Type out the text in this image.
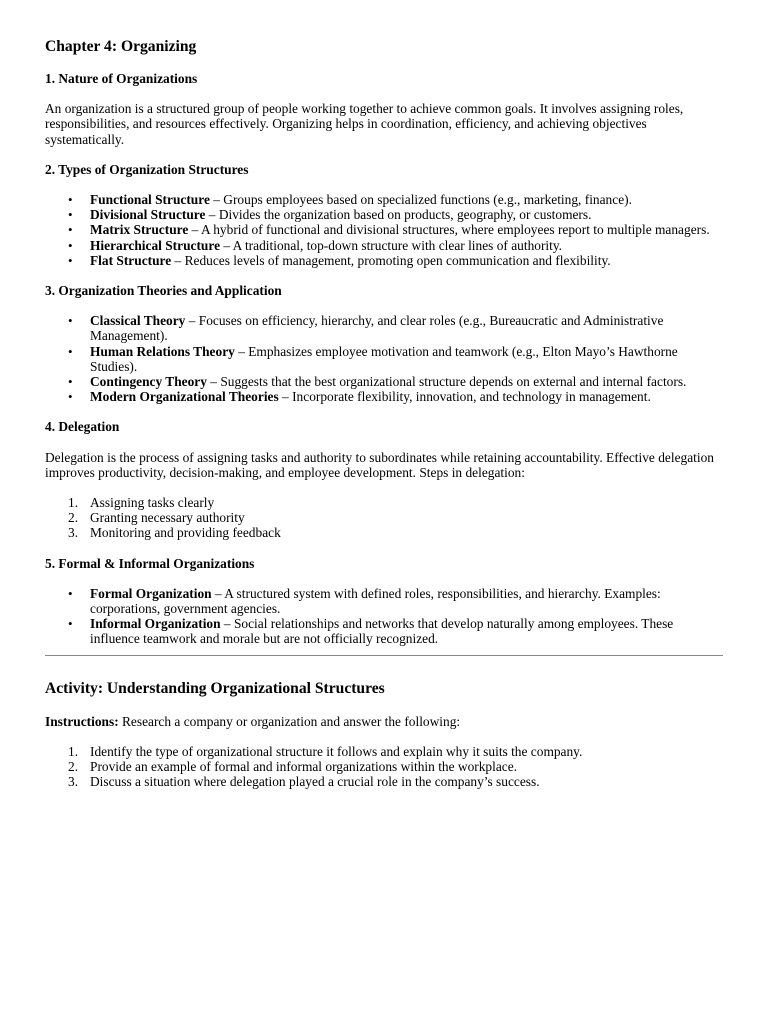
Chapter 4: Organizing
1. Nature of Organizations

An organization is a structured group of people working together to achieve common goals. It involves assigning roles, responsibilities, and resources effectively. Organizing helps in coordination, efficiency, and achieving objectives systematically.

2. Types of Organization Structures
• Functional Structure – Groups employees based on specialized functions (e.g., marketing, finance).
• Divisional Structure – Divides the organization based on products, geography, or customers.
• Matrix Structure – A hybrid of functional and divisional structures, where employees report to multiple managers.
• Hierarchical Structure – A traditional, top-down structure with clear lines of authority.
• Flat Structure – Reduces levels of management, promoting open communication and flexibility.
3. Organization Theories and Application
• Classical Theory – Focuses on efficiency, hierarchy, and clear roles (e.g., Bureaucratic and Administrative Management).
• Human Relations Theory – Emphasizes employee motivation and teamwork (e.g., Elton Mayo’s Hawthorne Studies).
• Contingency Theory – Suggests that the best organizational structure depends on external and internal factors.
• Modern Organizational Theories – Incorporate flexibility, innovation, and technology in management.
4. Delegation

Delegation is the process of assigning tasks and authority to subordinates while retaining accountability. Effective delegation improves productivity, decision-making, and employee development. Steps in delegation:

1. Assigning tasks clearly
2. Granting necessary authority
3. Monitoring and providing feedback
5. Formal & Informal Organizations
• Formal Organization – A structured system with defined roles, responsibilities, and hierarchy. Examples: corporations, government agencies.
• Informal Organization – Social relationships and networks that develop naturally among employees. These influence teamwork and morale but are not officially recognized.
Activity: Understanding Organizational Structures

Instructions: Research a company or organization and answer the following:

1. Identify the type of organizational structure it follows and explain why it suits the company.
2. Provide an example of formal and informal organizations within the workplace.
3. Discuss a situation where delegation played a crucial role in the company’s success.
